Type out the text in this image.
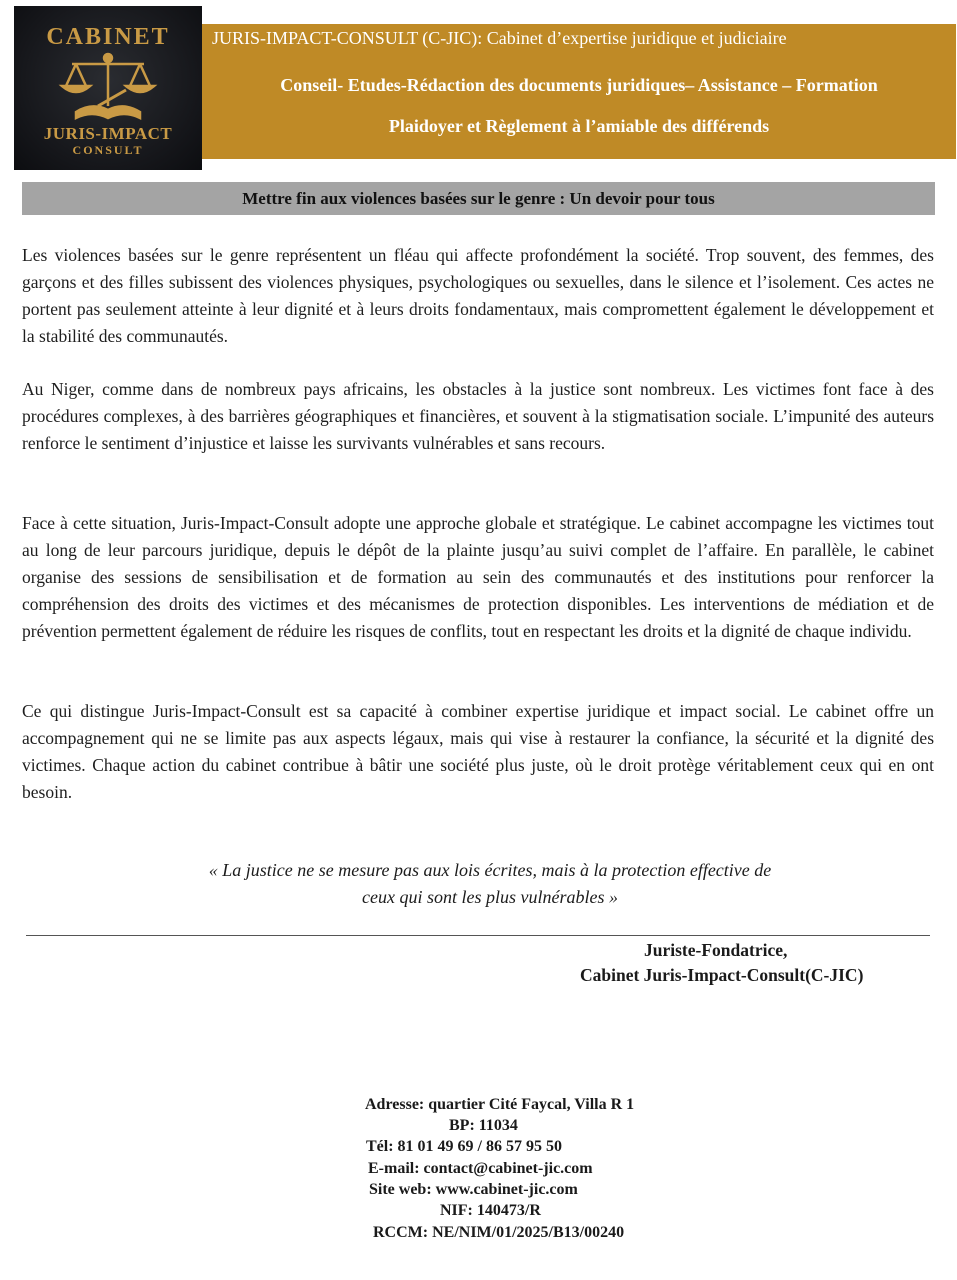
CABINET
JURIS-IMPACT
CONSULT
JURIS-IMPACT-CONSULT (C-JIC): Cabinet d’expertise juridique et judiciaire
Conseil- Etudes-Rédaction des documents juridiques– Assistance – Formation
Plaidoyer et Règlement à l’amiable des différends
Mettre fin aux violences basées sur le genre : Un devoir pour tous

Les violences basées sur le genre représentent un fléau qui affecte profondément la société. Trop souvent, des femmes, des garçons et des filles subissent des violences physiques, psychologiques ou sexuelles, dans le silence et l’isolement. Ces actes ne portent pas seulement atteinte à leur dignité et à leurs droits fondamentaux, mais compromettent également le développement et la stabilité des communautés.

Au Niger, comme dans de nombreux pays africains, les obstacles à la justice sont nombreux. Les victimes font face à des procédures complexes, à des barrières géographiques et financières, et souvent à la stigmatisation sociale. L’impunité des auteurs renforce le sentiment d’injustice et laisse les survivants vulnérables et sans recours.

Face à cette situation, Juris-Impact-Consult adopte une approche globale et stratégique. Le cabinet accompagne les victimes tout au long de leur parcours juridique, depuis le dépôt de la plainte jusqu’au suivi complet de l’affaire. En parallèle, le cabinet organise des sessions de sensibilisation et de formation au sein des communautés et des institutions pour renforcer la compréhension des droits des victimes et des mécanismes de protection disponibles. Les interventions de médiation et de prévention permettent également de réduire les risques de conflits, tout en respectant les droits et la dignité de chaque individu.

Ce qui distingue Juris-Impact-Consult est sa capacité à combiner expertise juridique et impact social. Le cabinet offre un accompagnement qui ne se limite pas aux aspects légaux, mais qui vise à restaurer la confiance, la sécurité et la dignité des victimes. Chaque action du cabinet contribue à bâtir une société plus juste, où le droit protège véritablement ceux qui en ont besoin.

« La justice ne se mesure pas aux lois écrites, mais à la protection effective de
ceux qui sont les plus vulnérables »
Juriste-Fondatrice,
Cabinet Juris-Impact-Consult(C-JIC)
Adresse: quartier Cité Faycal, Villa R 1
BP: 11034
Tél: 81 01 49 69 / 86 57 95 50
E-mail: contact@cabinet-jic.com
Site web: www.cabinet-jic.com
NIF: 140473/R
RCCM: NE/NIM/01/2025/B13/00240
